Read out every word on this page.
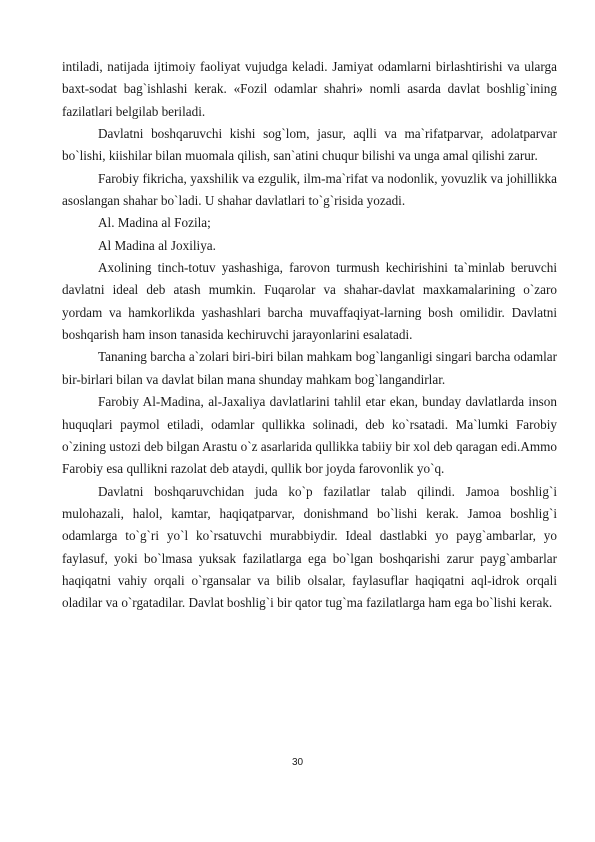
intiladi, natijada ijtimoiy faoliyat vujudga keladi. Jamiyat odamlarni birlashtirishi va ularga baxt-sodat bag`ishlashi kerak. «Fozil odamlar shahri» nomli asarda davlat boshlig`ining fazilatlari belgilab beriladi.

Davlatni boshqaruvchi kishi sog`lom, jasur, aqlli va ma`rifatparvar, adolatparvar bo`lishi, kiishilar bilan muomala qilish, san`atini chuqur bilishi va unga amal qilishi zarur.

Farobiy fikricha, yaxshilik va ezgulik, ilm-ma`rifat va nodonlik, yovuzlik va johillikka asoslangan shahar bo`ladi. U shahar davlatlari to`g`risida yozadi.

Al. Madina al Fozila;

Al Madina al Joxiliya.

Axolining tinch-totuv yashashiga, farovon turmush kechirishini ta`minlab beruvchi davlatni ideal deb atash mumkin. Fuqarolar va shahar-davlat maxkamalarining o`zaro yordam va hamkorlikda yashashlari barcha muvaffaqiyat-larning bosh omilidir. Davlatni boshqarish ham inson tanasida kechiruvchi jarayonlarini esalatadi.

Tananing barcha a`zolari biri-biri bilan mahkam bog`langanligi singari barcha odamlar bir-birlari bilan va davlat bilan mana shunday mahkam bog`langandirlar.

Farobiy Al-Madina, al-Jaxaliya davlatlarini tahlil etar ekan, bunday davlatlarda inson huquqlari paymol etiladi, odamlar qullikka solinadi, deb ko`rsatadi. Ma`lumki Farobiy o`zining ustozi deb bilgan Arastu o`z asarlarida qullikka tabiiy bir xol deb qaragan edi.Ammo Farobiy esa qullikni razolat deb ataydi, qullik bor joyda farovonlik yo`q.

Davlatni boshqaruvchidan juda ko`p fazilatlar talab qilindi. Jamoa boshlig`i mulohazali, halol, kamtar, haqiqatparvar, donishmand bo`lishi kerak. Jamoa boshlig`i odamlarga to`g`ri yo`l ko`rsatuvchi murabbiydir. Ideal dastlabki yo payg`ambarlar, yo faylasuf, yoki bo`lmasa yuksak fazilatlarga ega bo`lgan boshqarishi zarur payg`ambarlar haqiqatni vahiy orqali o`rgansalar va bilib olsalar, faylasuflar haqiqatni aql-idrok orqali oladilar va o`rgatadilar. Davlat boshlig`i bir qator tug`ma fazilatlarga ham ega bo`lishi kerak.

30
